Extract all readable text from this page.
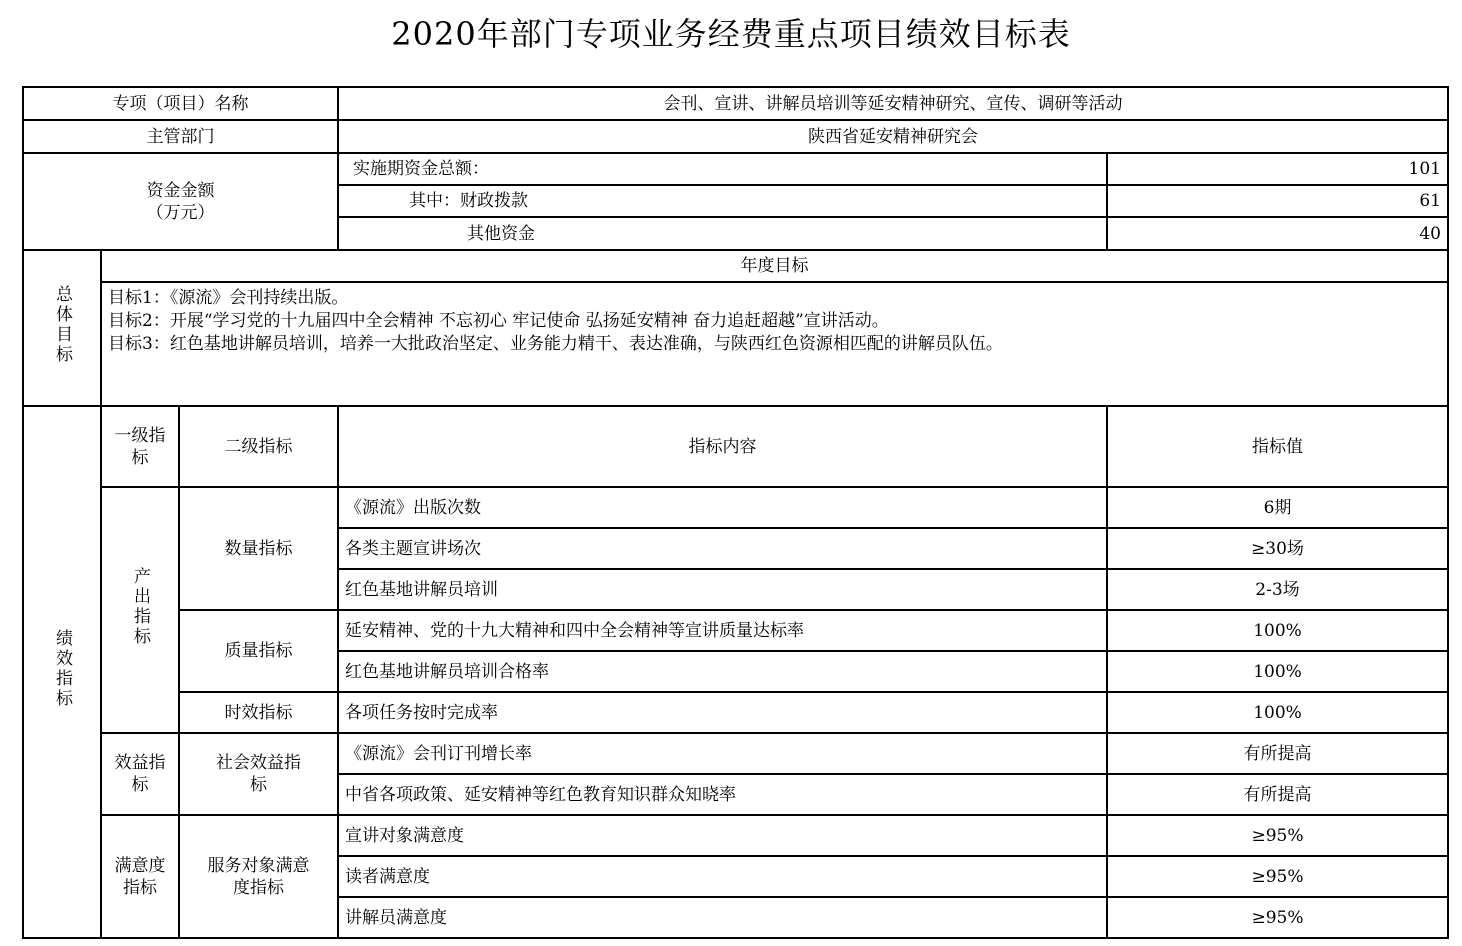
2020年部门专项业务经费重点项目绩效目标表
专项（项目）名称			会刊、宣讲、讲解员培训等延安精神研究、宣传、调研等活动	
主管部门			陕西省延安精神研究会	

资金金额
（万元）			实施期资金总额：	101
			其中：财政拨款	61
			其他资金	40
总体目标	年度目标			

	目标1：《源流》会刊持续出版。
目标2：开展“学习党的十九届四中全会精神 不忘初心 牢记使命 弘扬延安精神 奋力追赶超越”宣讲活动。
目标3：红色基地讲解员培训，培养一大批政治坚定、业务能力精干、表达准确，与陕西红色资源相匹配的讲解员队伍。			

绩效指标	一级指标	二级指标	指标内容	指标值
	产出指标	数量指标	《源流》出版次数	6期
			各类主题宣讲场次	≥30场
			红色基地讲解员培训	2-3场
		质量指标	延安精神、党的十九大精神和四中全会精神等宣讲质量达标率	100%
			红色基地讲解员培训合格率	100%
		时效指标	各项任务按时完成率	100%
	效益指标	社会效益指标	《源流》会刊订刊增长率	有所提高
			中省各项政策、延安精神等红色教育知识群众知晓率	有所提高
	满意度指标	服务对象满意度指标	宣讲对象满意度	≥95%
			读者满意度	≥95%
			讲解员满意度	≥95%
